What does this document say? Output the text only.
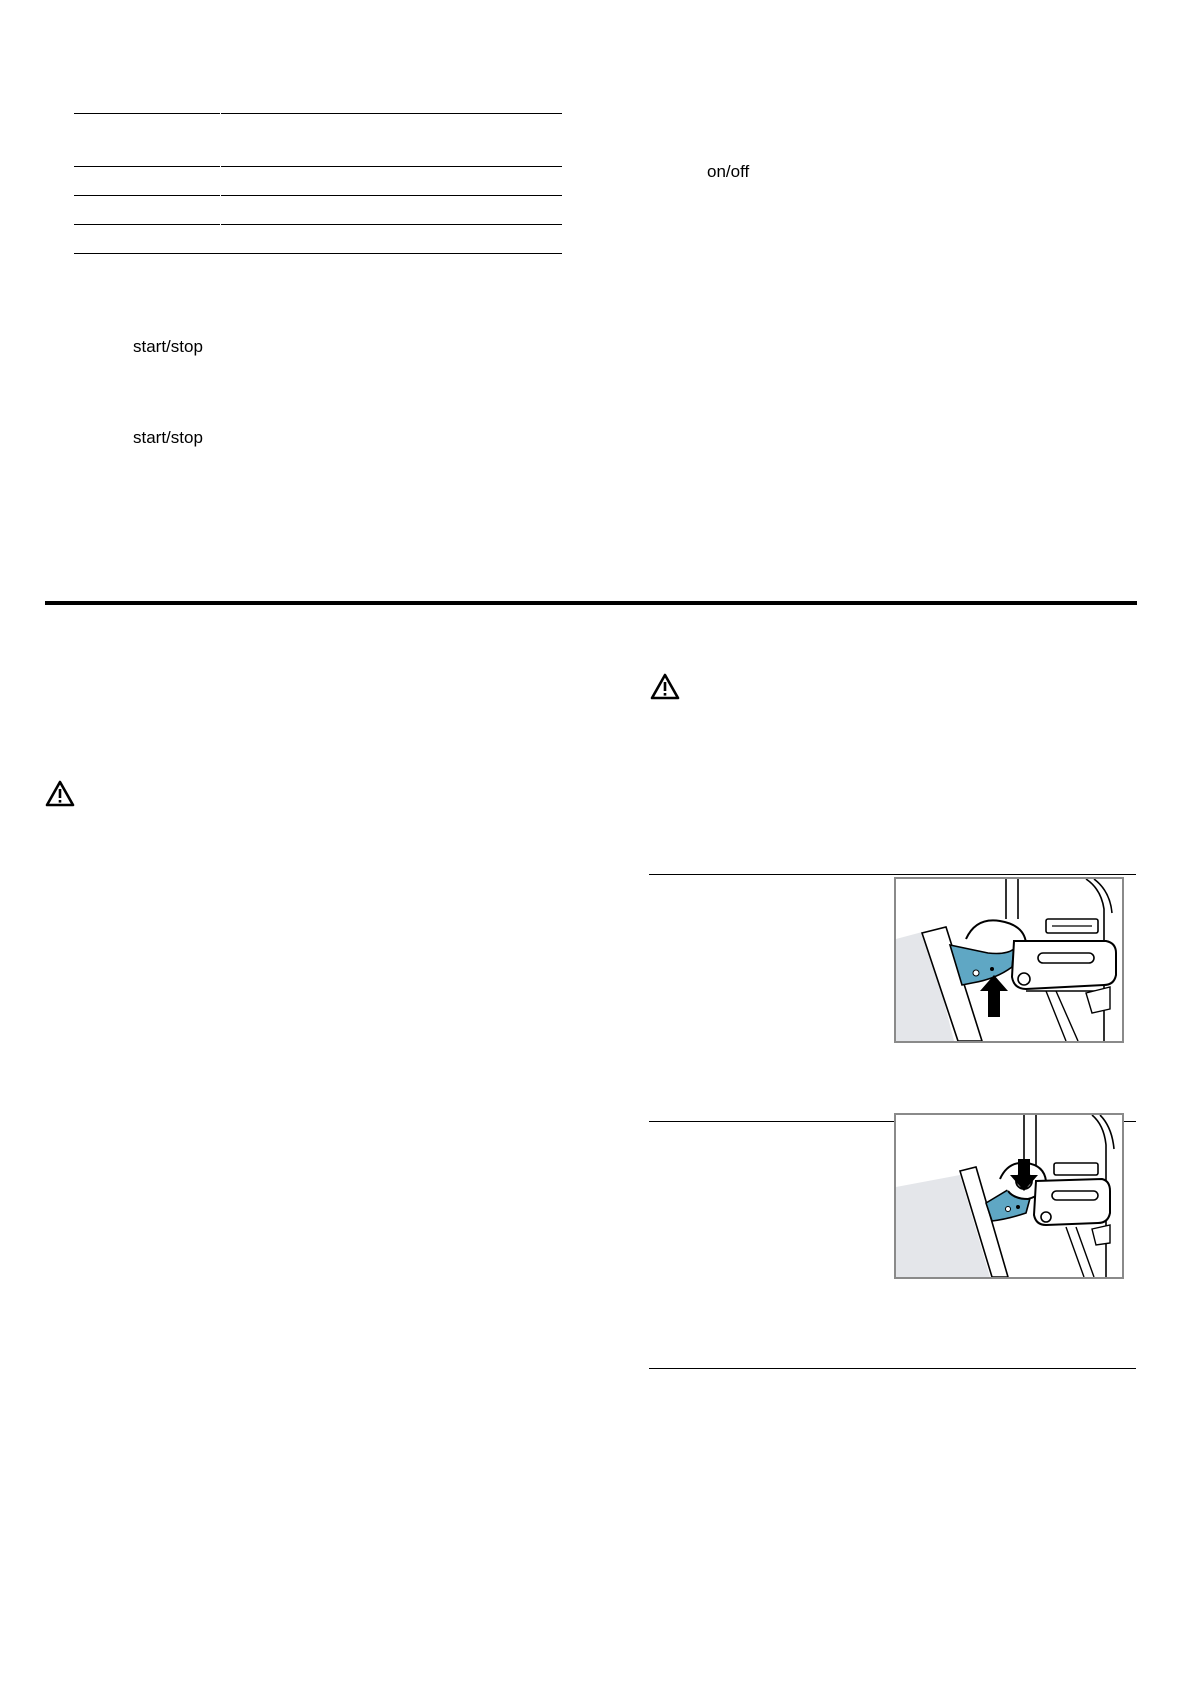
start/stop
start/stop
on/off
